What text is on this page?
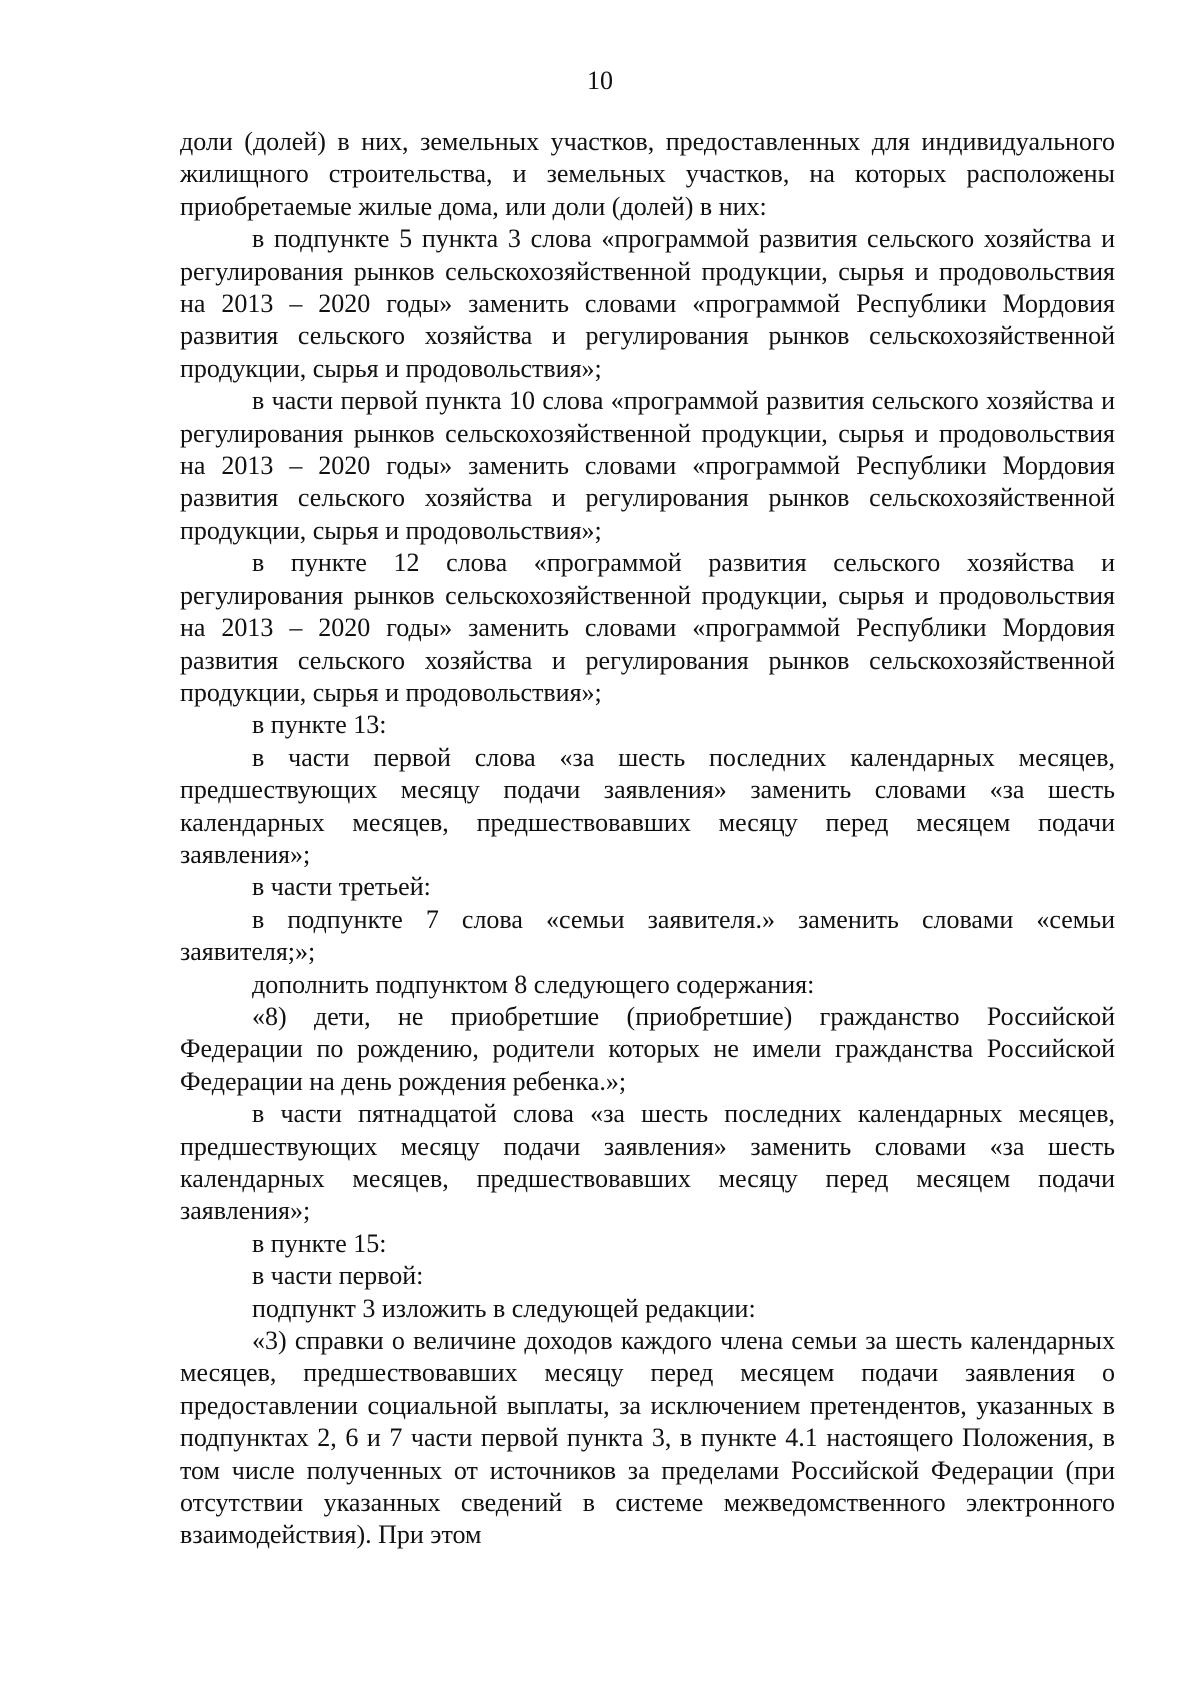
10

доли (долей) в них, земельных участков, предоставленных для индивидуального жилищного строительства, и земельных участков, на которых расположены приобретаемые жилые дома, или доли (долей) в них:

в подпункте 5 пункта 3 слова «программой развития сельского хозяйства и регулирования рынков сельскохозяйственной продукции, сырья и продовольствия на 2013 – 2020 годы» заменить словами «программой Республики Мордовия развития сельского хозяйства и регулирования рынков сельскохозяйственной продукции, сырья и продовольствия»;

в части первой пункта 10 слова «программой развития сельского хозяйства и регулирования рынков сельскохозяйственной продукции, сырья и продовольствия на 2013 – 2020 годы» заменить словами «программой Республики Мордовия развития сельского хозяйства и регулирования рынков сельскохозяйственной продукции, сырья и продовольствия»;

в пункте 12 слова «программой развития сельского хозяйства и регулирования рынков сельскохозяйственной продукции, сырья и продовольствия на 2013 – 2020 годы» заменить словами «программой Республики Мордовия развития сельского хозяйства и регулирования рынков сельскохозяйственной продукции, сырья и продовольствия»;

в пункте 13:

в части первой слова «за шесть последних календарных месяцев, предшествующих месяцу подачи заявления» заменить словами «за шесть календарных месяцев, предшествовавших месяцу перед месяцем подачи заявления»;

в части третьей:

в подпункте 7 слова «семьи заявителя.» заменить словами «семьи заявителя;»;

дополнить подпунктом 8 следующего содержания:

«8) дети, не приобретшие (приобретшие) гражданство Российской Федерации по рождению, родители которых не имели гражданства Российской Федерации на день рождения ребенка.»;

в части пятнадцатой слова «за шесть последних календарных месяцев, предшествующих месяцу подачи заявления» заменить словами «за шесть календарных месяцев, предшествовавших месяцу перед месяцем подачи заявления»;

в пункте 15:

в части первой:

подпункт 3 изложить в следующей редакции:

«3) справки о величине доходов каждого члена семьи за шесть календарных месяцев, предшествовавших месяцу перед месяцем подачи заявления о предоставлении социальной выплаты, за исключением претендентов, указанных в подпунктах 2, 6 и 7 части первой пункта 3, в пункте 4.1 настоящего Положения, в том числе полученных от источников за пределами Российской Федерации (при отсутствии указанных сведений в системе межведомственного электронного взаимодействия). При этом
